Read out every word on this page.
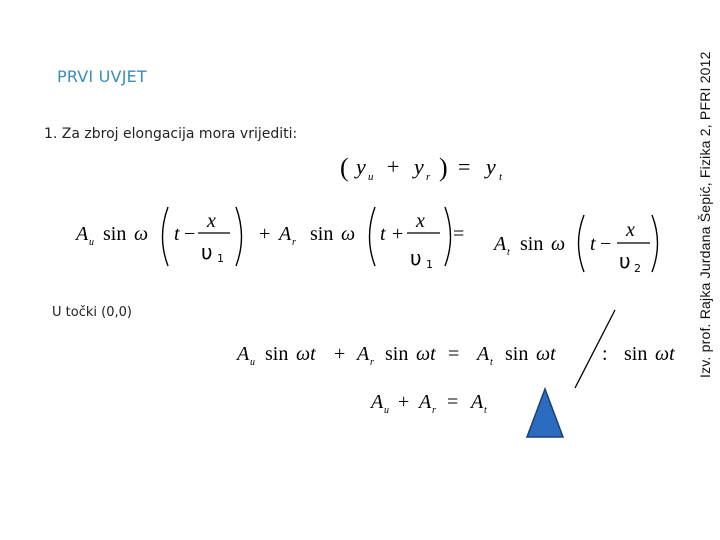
PRVI UVJET
1. Za zbroj elongacija mora vrijediti:
U točki (0,0)	Izv. prof. Rajka Jurdana Šepić, Fizika 2, PFRI 2012
( y u + y r ) = y t
A u sin ω t −
x
υ 1
+ A r sin ω t +
x
υ 1
= A t sin ω t −
x
υ 2
A u sin ωt + A r sin ωt = A t sin ωt : sin ωt
A u + A r = A t
